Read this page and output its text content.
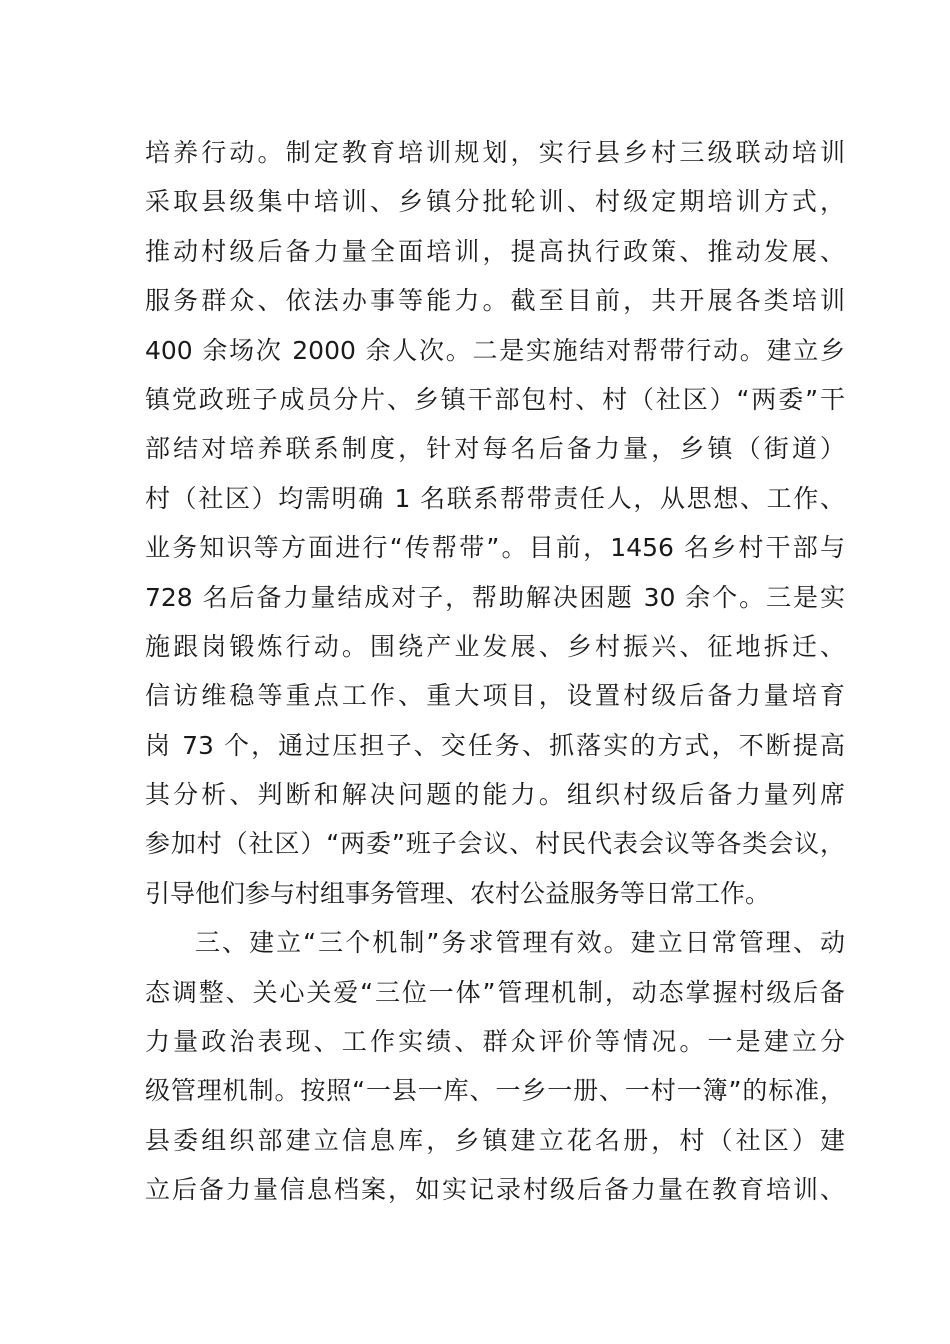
培养行动。制定教育培训规划，实行县乡村三级联动培训
采取县级集中培训、乡镇分批轮训、村级定期培训方式，
推动村级后备力量全面培训，提高执行政策、推动发展、
服务群众、依法办事等能力。截至目前，共开展各类培训
400 余场次 2000 余人次。二是实施结对帮带行动。建立乡
镇党政班子成员分片、乡镇干部包村、村（社区）“两委”干
部结对培养联系制度，针对每名后备力量，乡镇（街道）
村（社区）均需明确 1 名联系帮带责任人，从思想、工作、
业务知识等方面进行“传帮带”。目前，1456 名乡村干部与
728 名后备力量结成对子，帮助解决困题 30 余个。三是实
施跟岗锻炼行动。围绕产业发展、乡村振兴、征地拆迁、
信访维稳等重点工作、重大项目，设置村级后备力量培育
岗 73 个，通过压担子、交任务、抓落实的方式，不断提高
其分析、判断和解决问题的能力。组织村级后备力量列席
参加村（社区）“两委”班子会议、村民代表会议等各类会议，
引导他们参与村组事务管理、农村公益服务等日常工作。
三、建立“三个机制”务求管理有效。建立日常管理、动
态调整、关心关爱“三位一体”管理机制，动态掌握村级后备
力量政治表现、工作实绩、群众评价等情况。一是建立分
级管理机制。按照“一县一库、一乡一册、一村一簿”的标准，
县委组织部建立信息库，乡镇建立花名册，村（社区）建
立后备力量信息档案，如实记录村级后备力量在教育培训、
